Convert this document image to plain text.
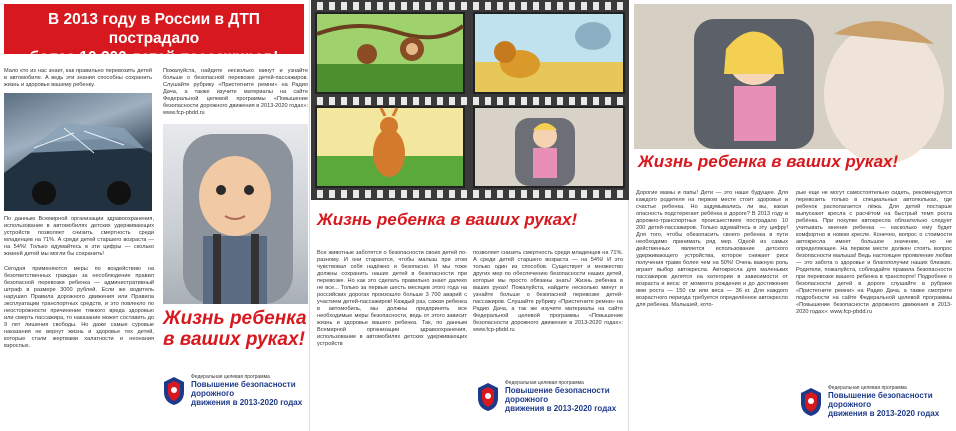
В 2013 году в России в ДТП пострадало
более 10 200 детей-пассажиров!
Мало кто из нас знает, как правильно перевозить детей в автомобиле. А ведь эти знания способны сохранить жизнь и здоровье вашему ребенку.
По данным Всемирной организации здравоохранения, использование в автомобилях детских удерживающих устройств позволяет снизить смертность среди младенцев на 71%. А среди детей старшего возраста — на 54%! Только вдумайтесь в эти цифры — сколько жизней детей мы могли бы сохранить!
Сегодня применяются меры по воздействию на безответственных граждан за несоблюдение правил безопасной перевозки ребенка — административный штраф в размере 3000 рублей. Если же водитель нарушил Правила дорожного движения или Правила эксплуатации транспортных средств, и это повлекло по неосторожности причинение тяжкого вреда здоровью или смерть пассажира, то наказание может составить до 9 лет лишения свободы. Но даже самые суровые наказания не вернут жизнь и здоровье тех детей, которые стали жертвами халатности и неонания взрослых.
Пожалуйста, найдите несколько минут и узнайте больше о безопасной перевозке детей-пассажиров. Слушайте рубрику «Пристегните ремни» на Радио Дача, а также изучите материалы на сайте Федеральной целевой программы «Повышение безопасности дорожного движения в 2013-2020 годах»: www.fcp-pbdd.ru
Жизнь ребенка в ваших руках!
Федеральная целевая программа
Повышение безопасности дорожного
движения в 2013-2020 годах
Жизнь ребенка в ваших руках!
Все животные заботятся о безопасности своих детей по-разному. И они стараются, чтобы малыш при этом чувствовал себя надёжно и безопасно. И мы тоже должны сохранить наших детей в безопасности при перевозке. Но как это сделать правильно знает далеко не все... Только за первые шесть месяцев этого года на российских дорогах произошло больше 3 700 аварий с участием детей-пассажиров! Каждый раз, сажая ребенка в автомобиль, мы должны предпринять все необходимые меры безопасности, ведь от этого зависит жизнь и здоровье вашего ребенка. Так, по данным Всемирной организации здравоохранения, использование в автомобилях детских удерживающих устройств
позволяет снизить смертность среди младенцев на 71%. А среди детей старшего возраста — на 54%! И это только один из способов. Существует и множество других мер по обеспечению безопасности наших детей, которые мы просто обязаны знать! Жизнь ребенка в ваших руках! Пожалуйста, найдите несколько минут и узнайте больше о безопасной перевозке детей-пассажиров. Слушайте рубрику «Пристегните ремни» на Радио Дача, а так же изучите материалы на сайте Федеральной целевой программы «Повышение безопасности дорожного движения в 2013-2020 годах»: www.fcp-pbdd.ru
Федеральная целевая программа
Повышение безопасности дорожного
движения в 2013-2020 годах
Жизнь ребенка в ваших руках!
Дорогие мамы и папы! Дети — это наше будущее. Для каждого родителя на первом месте стоит здоровье и счастье ребенка. Но задумывались ли вы, какая опасность подстерегает ребёнка в дороге? В 2013 году в дорожно-транспортных происшествиях пострадало 10 200 детей-пассажиров. Только вдумайтесь в эту цифру! Для того, чтобы обезопасить своего ребенка в пути необходимо принимать ряд мер. Одной из самых действенных является использование детского удерживающего устройства, которое снижает риск получения травм более чем на 50%! Очень важную роль играет выбор автокресла. Автокресла для маленьких пассажиров делятся на категории в зависимости от возраста и веса: от момента рождения и до достижения ими роста — 150 см или веса — 36 кг. Для каждого возрастного периода требуется определённое автокресло для ребенка. Малышей, кото-
рые еще не могут самостоятельно сидеть, рекомендуется перевозить только в специальных автолюльках, где ребенок располагается лёжа. Для детей постарше выпускают кресла с расчётом на быстрый темп роста ребёнка. При покупке автокресла обязательно следует учитывать мнение ребенка — насколько ему будет комфортно в новом кресле. Конечно, вопрос о стоимости автокресла имеет большое значение, но не определяющее. На первом месте должен стоять вопрос безопасности малыша! Ведь настоящее проявление любви — это забота о здоровье и благополучии наших близких. Родители, пожалуйста, соблюдайте правила безопасности при перевозке вашего ребенка в транспорте! Подробнее о безопасности детей в дороге слушайте в рубрике «Пристегните ремни» на Радио Дача, а также смотрите подробности на сайте Федеральной целевой программы «Повышение безопасности дорожного движения в 2013-2020 годах»: www.fcp-pbdd.ru
Федеральная целевая программа
Повышение безопасности дорожного
движения в 2013-2020 годах
